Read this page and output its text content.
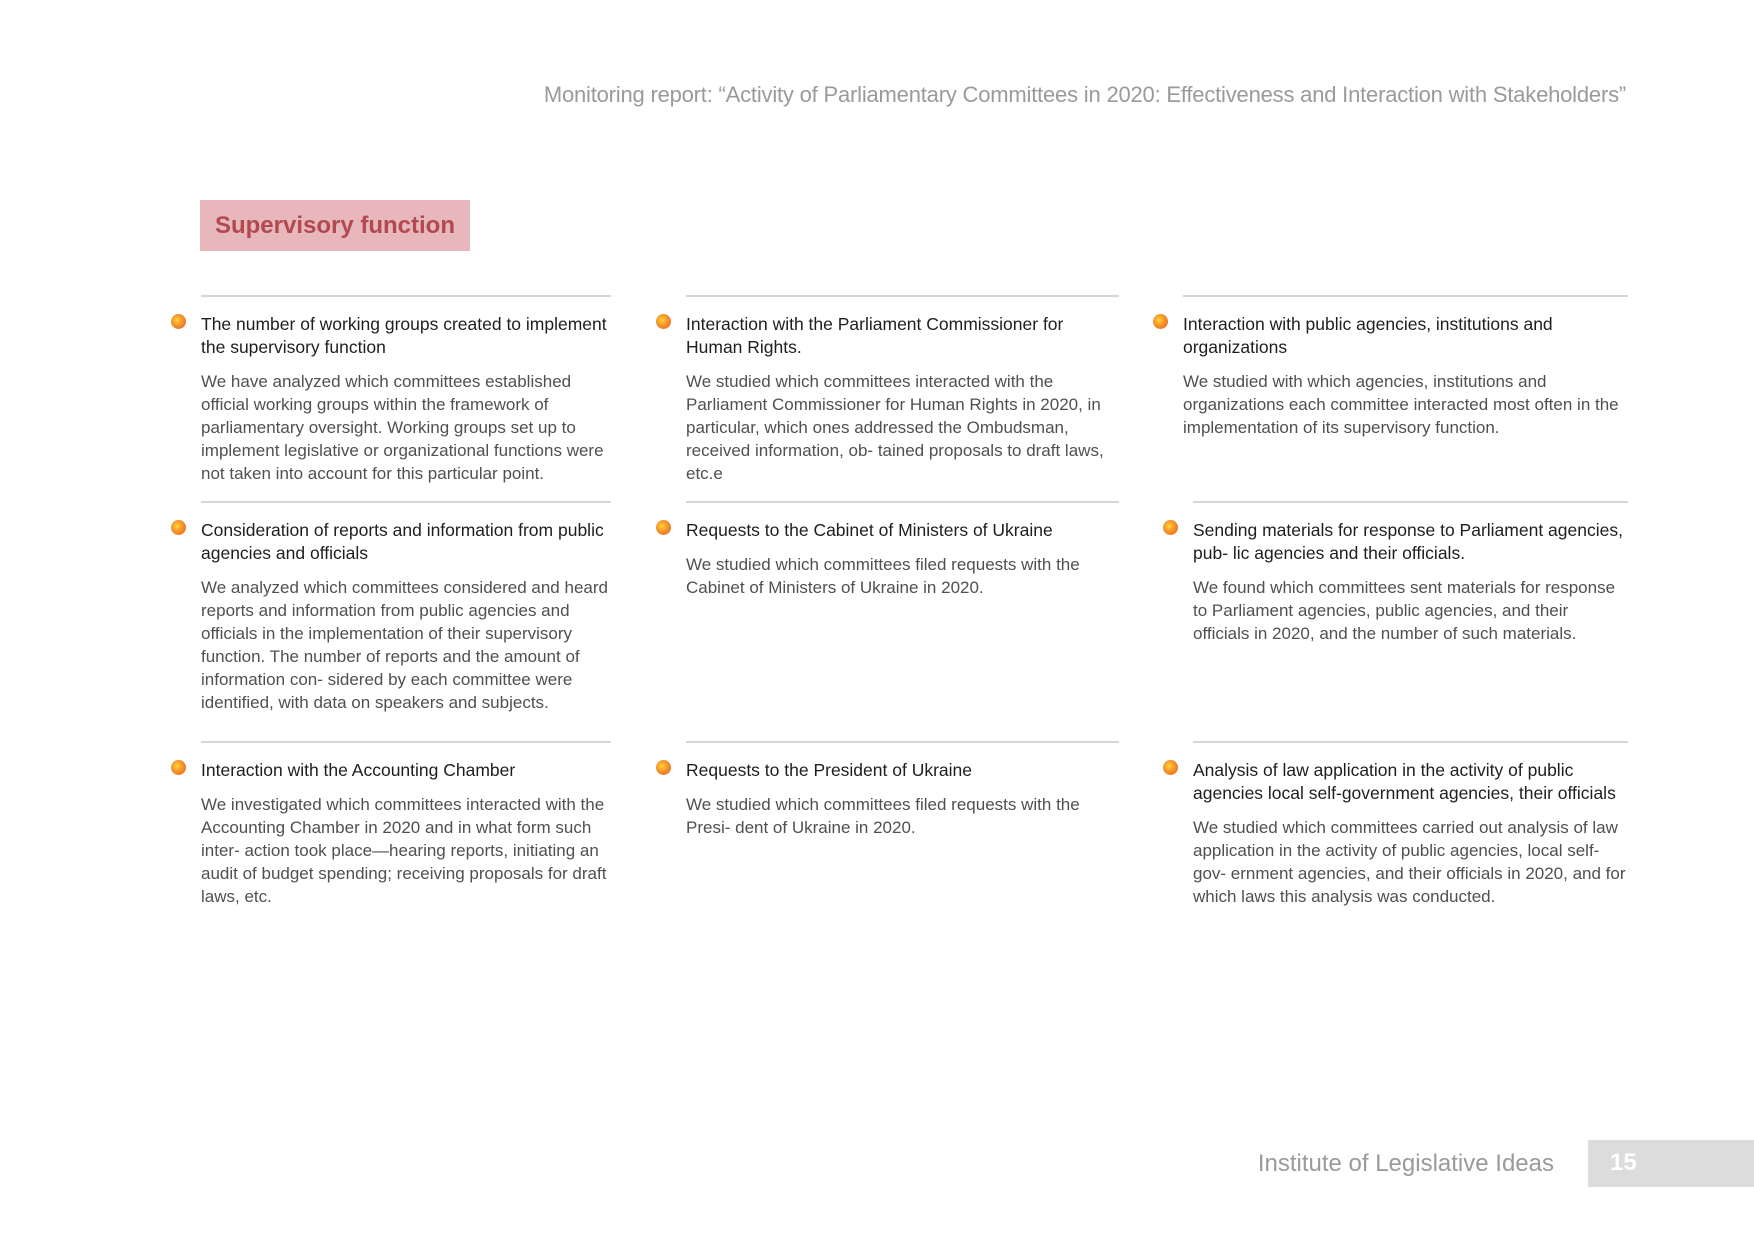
Monitoring report: “Activity of Parliamentary Committees in 2020: Effectiveness and Interaction with Stakeholders”
Supervisory function

The number of working groups created to implement the supervisory function

We have analyzed which committees established official working groups within the framework of parliamentary oversight. Working groups set up to implement legislative or organizational functions were not taken into account for this particular point.

Interaction with the Parliament Commissioner for Human Rights.

We studied which committees interacted with the Parliament Commissioner for Human Rights in 2020, in particular, which ones addressed the Ombudsman, received information, ob- tained proposals to draft laws, etc.e

Interaction with public agencies, institutions and organizations

We studied with which agencies, institutions and organizations each committee interacted most often in the implementation of its supervisory function.

Consideration of reports and information from public agencies and officials

We analyzed which committees considered and heard reports and information from public agencies and officials in the implementation of their supervisory function. The number of reports and the amount of information con- sidered by each committee were identified, with data on speakers and subjects.

Requests to the Cabinet of Ministers of Ukraine

We studied which committees filed requests with the Cabinet of Ministers of Ukraine in 2020.

Sending materials for response to Parliament agencies, pub- lic agencies and their officials.

We found which committees sent materials for response to Parliament agencies, public agencies, and their officials in 2020, and the number of such materials.

Interaction with the Accounting Chamber

We investigated which committees interacted with the Accounting Chamber in 2020 and in what form such inter- action took place—hearing reports, initiating an audit of budget spending; receiving proposals for draft laws, etc.

Requests to the President of Ukraine

We studied which committees filed requests with the Presi- dent of Ukraine in 2020.

Analysis of law application in the activity of public agencies local self-government agencies, their officials

We studied which committees carried out analysis of law application in the activity of public agencies, local self-gov- ernment agencies, and their officials in 2020, and for which laws this analysis was conducted.

Institute of Legislative Ideas 15
